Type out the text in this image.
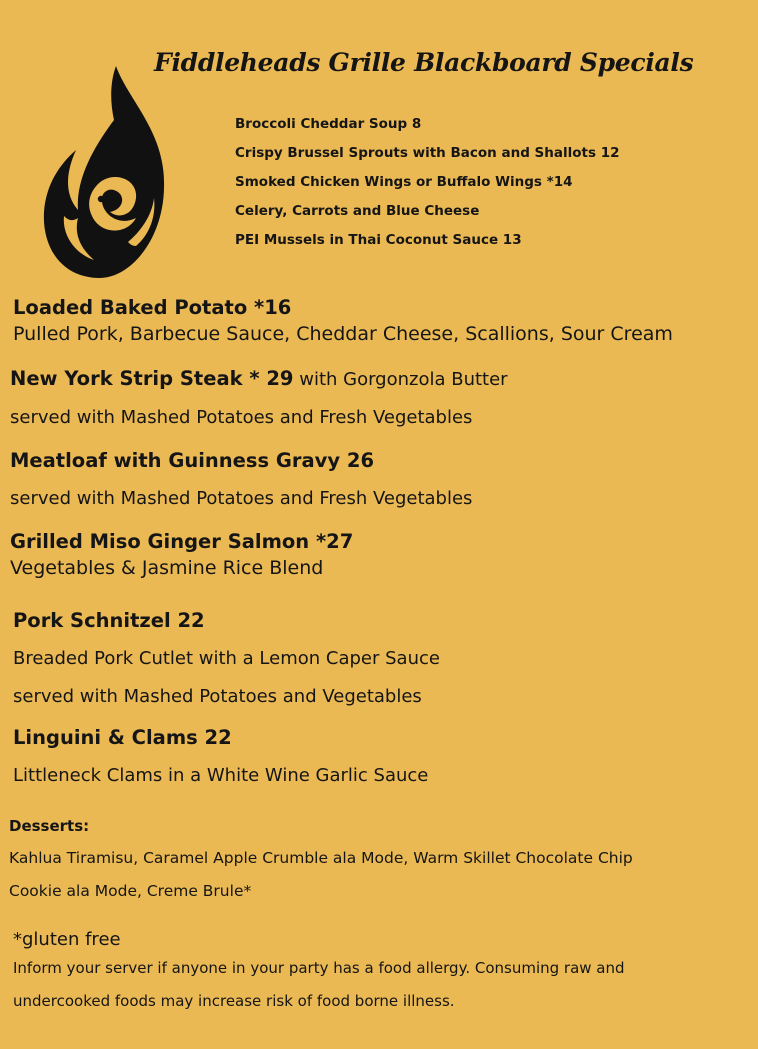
Fiddleheads Grille Blackboard Specials
Broccoli Cheddar Soup 8
Crispy Brussel Sprouts with Bacon and Shallots 12
Smoked Chicken Wings or Buffalo Wings *14
Celery, Carrots and Blue Cheese
PEI Mussels in Thai Coconut Sauce 13
Loaded Baked Potato *16
Pulled Pork, Barbecue Sauce, Cheddar Cheese, Scallions, Sour Cream
New York Strip Steak * 29 with Gorgonzola Butter
served with Mashed Potatoes and Fresh Vegetables
Meatloaf with Guinness Gravy 26
served with Mashed Potatoes and Fresh Vegetables
Grilled Miso Ginger Salmon *27
Vegetables & Jasmine Rice Blend
Pork Schnitzel 22
Breaded Pork Cutlet with a Lemon Caper Sauce
served with Mashed Potatoes and Vegetables
Linguini & Clams 22
Littleneck Clams in a White Wine Garlic Sauce
Desserts:
Kahlua Tiramisu, Caramel Apple Crumble ala Mode, Warm Skillet Chocolate Chip
Cookie ala Mode, Creme Brule*
*gluten free
Inform your server if anyone in your party has a food allergy. Consuming raw and
undercooked foods may increase risk of food borne illness.
